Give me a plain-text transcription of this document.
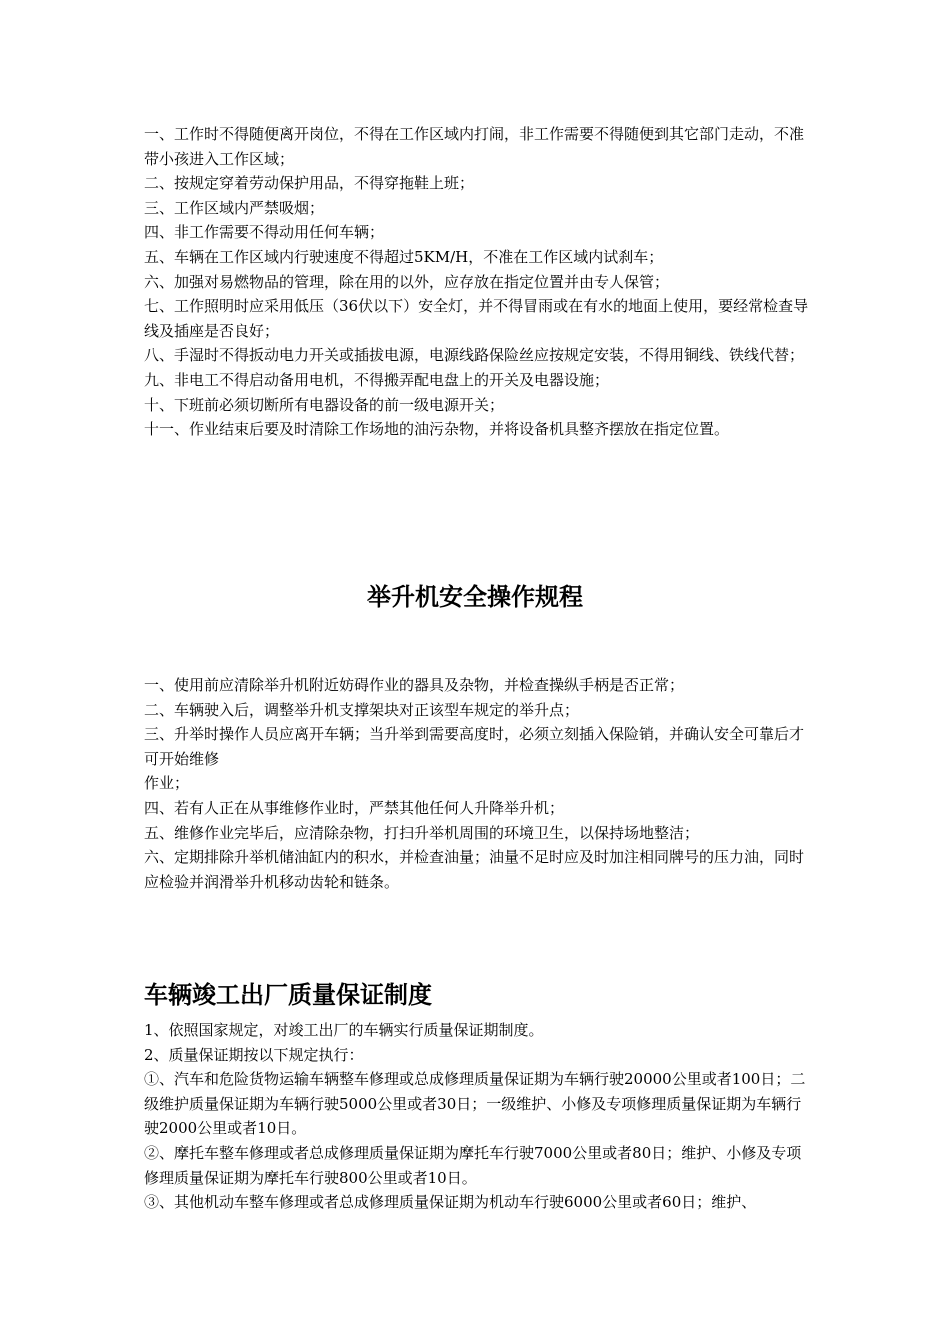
一、工作时不得随便离开岗位，不得在工作区域内打闹，非工作需要不得随便到其它部门走动，不准带小孩进入工作区域；

二、按规定穿着劳动保护用品，不得穿拖鞋上班；

三、工作区域内严禁吸烟；

四、非工作需要不得动用任何车辆；

五、车辆在工作区域内行驶速度不得超过5KM/H，不准在工作区域内试刹车；

六、加强对易燃物品的管理，除在用的以外，应存放在指定位置并由专人保管；

七、工作照明时应采用低压（36伏以下）安全灯，并不得冒雨或在有水的地面上使用，要经常检查导线及插座是否良好；

八、手湿时不得扳动电力开关或插拔电源，电源线路保险丝应按规定安装，不得用铜线、铁线代替；

九、非电工不得启动备用电机，不得搬弄配电盘上的开关及电器设施；

十、下班前必须切断所有电器设备的前一级电源开关；

十一、作业结束后要及时清除工作场地的油污杂物，并将设备机具整齐摆放在指定位置。

举升机安全操作规程

一、使用前应清除举升机附近妨碍作业的器具及杂物，并检查操纵手柄是否正常；

二、车辆驶入后，调整举升机支撑架块对正该型车规定的举升点；

三、升举时操作人员应离开车辆；当升举到需要高度时，必须立刻插入保险销，并确认安全可靠后才可开始维修

作业；

四、若有人正在从事维修作业时，严禁其他任何人升降举升机；

五、维修作业完毕后，应清除杂物，打扫升举机周围的环境卫生，以保持场地整洁；

六、定期排除升举机储油缸内的积水，并检查油量；油量不足时应及时加注相同牌号的压力油，同时应检验并润滑举升机移动齿轮和链条。

车辆竣工出厂质量保证制度

1、依照国家规定，对竣工出厂的车辆实行质量保证期制度。

2、质量保证期按以下规定执行：

①、汽车和危险货物运输车辆整车修理或总成修理质量保证期为车辆行驶20000公里或者100日；二级维护质量保证期为车辆行驶5000公里或者30日；一级维护、小修及专项修理质量保证期为车辆行驶2000公里或者10日。

②、摩托车整车修理或者总成修理质量保证期为摩托车行驶7000公里或者80日；维护、小修及专项修理质量保证期为摩托车行驶800公里或者10日。

③、其他机动车整车修理或者总成修理质量保证期为机动车行驶6000公里或者60日；维护、
